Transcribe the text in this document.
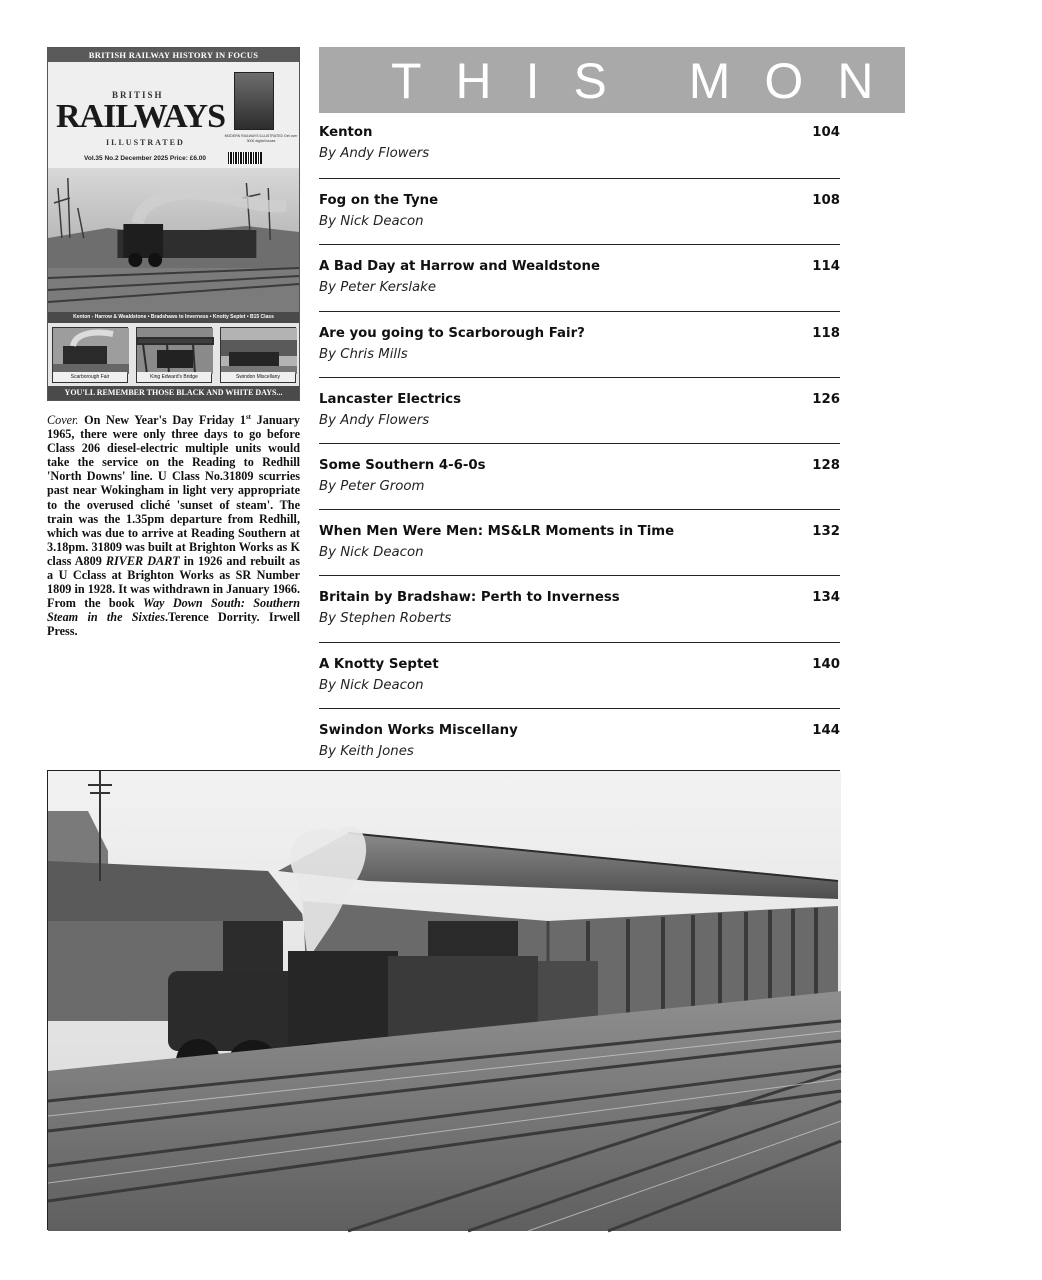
BRITISH RAILWAY HISTORY IN FOCUS
BRITISH
RAILWAYS
ILLUSTRATED
Vol.35 No.2 December 2025 Price: £6.00
MODERN RAILWAYS ILLUSTRATED Get over 3000 digital issues
Kenton - Harrow & Wealdstone • Bradshaws to Inverness • Knotty Septet • B15 Class
Scarborough Fair	King Edward's Bridge	Swindon Miscellany
YOU'LL REMEMBER THOSE BLACK AND WHITE DAYS...
Cover. On New Year's Day Friday 1st January 1965, there were only three days to go before Class 206 diesel-electric multiple units would take the service on the Reading to Redhill 'North Downs' line. U Class No.31809 scurries past near Wokingham in light very appropriate to the overused cliché 'sunset of steam'. The train was the 1.35pm departure from Redhill, which was due to arrive at Reading Southern at 3.18pm. 31809 was built at Brighton Works as K class A809 RIVER DART in 1926 and rebuilt as a U Cclass at Brighton Works as SR Number 1809 in 1928. It was withdrawn in January 1966. From the book Way Down South: Southern Steam in the Sixties.Terence Dorrity. Irwell Press.
THIS MONTH
Kenton	104
By Andy Flowers
Fog on the Tyne	108
By Nick Deacon
A Bad Day at Harrow and Wealdstone	114
By Peter Kerslake
Are you going to Scarborough Fair?	118
By Chris Mills
Lancaster Electrics	126
By Andy Flowers
Some Southern 4-6-0s	128
By Peter Groom
When Men Were Men: MS&LR Moments in Time	132
By Nick Deacon
Britain by Bradshaw: Perth to Inverness	134
By Stephen Roberts
A Knotty Septet	140
By Nick Deacon
Swindon Works Miscellany	144
By Keith Jones
